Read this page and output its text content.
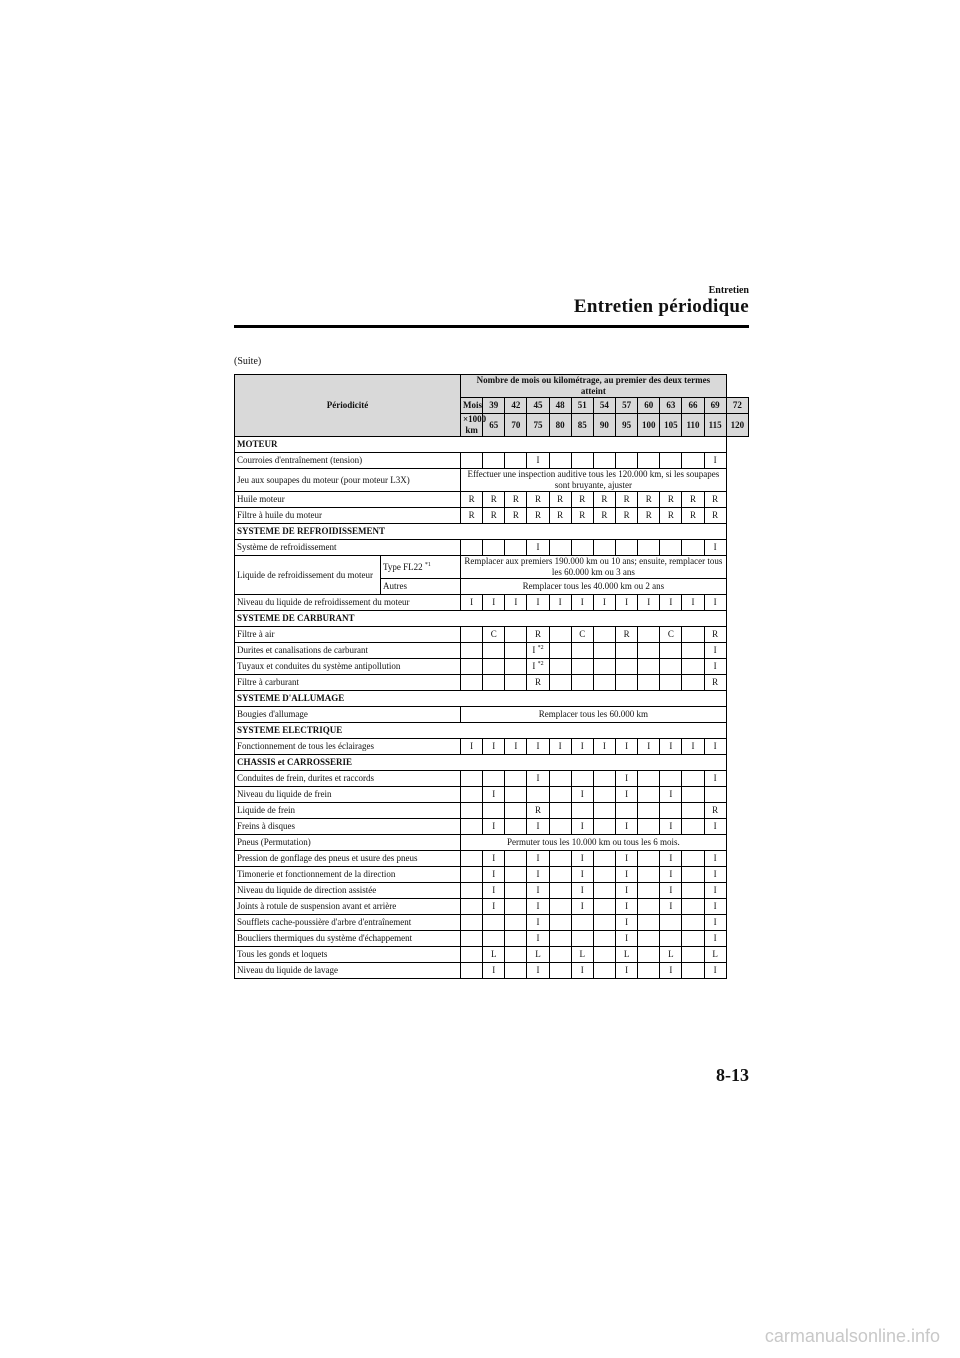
Entretien
Entretien périodique
(Suite)
Périodicité		Nombre de mois ou kilométrage, au premier des deux termes atteint												
		Mois	39	42	45	48	51	54	57	60	63	66	69	72
		×1000 km	65	70	75	80	85	90	95	100	105	110	115	120
MOTEUR														
Courroies d'entraînement (tension)					I								I	
Jeu aux soupapes du moteur (pour moteur L3X)		Effectuer une inspection auditive tous les 120.000 km, si les soupapes sont bruyante, ajuster												
Huile moteur		R	R	R	R	R	R	R	R	R	R	R	R	
Filtre à huile du moteur		R	R	R	R	R	R	R	R	R	R	R	R	
SYSTEME DE REFROIDISSEMENT														
Système de refroidissement					I								I	
Liquide de refroidissement du moteur	Type FL22 $^{*1}$	Remplacer aux premiers 190.000 km ou 10 ans; ensuite, remplacer tous les 60.000 km ou 3 ans												
	Autres	Remplacer tous les 40.000 km ou 2 ans												
Niveau du liquide de refroidissement du moteur		I	I	I	I	I	I	I	I	I	I	I	I	
SYSTEME DE CARBURANT														
Filtre à air			C		R		C		R		C		R	
Durites et canalisations de carburant					I $^{*2}$								I	
Tuyaux et conduites du système antipollution					I $^{*2}$								I	
Filtre à carburant					R								R	
SYSTEME D'ALLUMAGE														
Bougies d'allumage		Remplacer tous les 60.000 km												
SYSTEME ELECTRIQUE														
Fonctionnement de tous les éclairages		I	I	I	I	I	I	I	I	I	I	I	I	
CHASSIS et CARROSSERIE														
Conduites de frein, durites et raccords					I				I				I	
Niveau du liquide de frein			I				I		I		I			
Liquide de frein					R								R	
Freins à disques			I		I		I		I		I		I	
Pneus (Permutation)		Permuter tous les 10.000 km ou tous les 6 mois.												
Pression de gonflage des pneus et usure des pneus			I		I		I		I		I		I	
Timonerie et fonctionnement de la direction			I		I		I		I		I		I	
Niveau du liquide de direction assistée			I		I		I		I		I		I	
Joints à rotule de suspension avant et arrière			I		I		I		I		I		I	
Soufflets cache-poussière d'arbre d'entraînement					I				I				I	
Boucliers thermiques du système d'échappement					I				I				I	
Tous les gonds et loquets			L		L		L		L		L		L	
Niveau du liquide de lavage			I		I		I		I		I		I	
8-13
carmanualsonline.info
